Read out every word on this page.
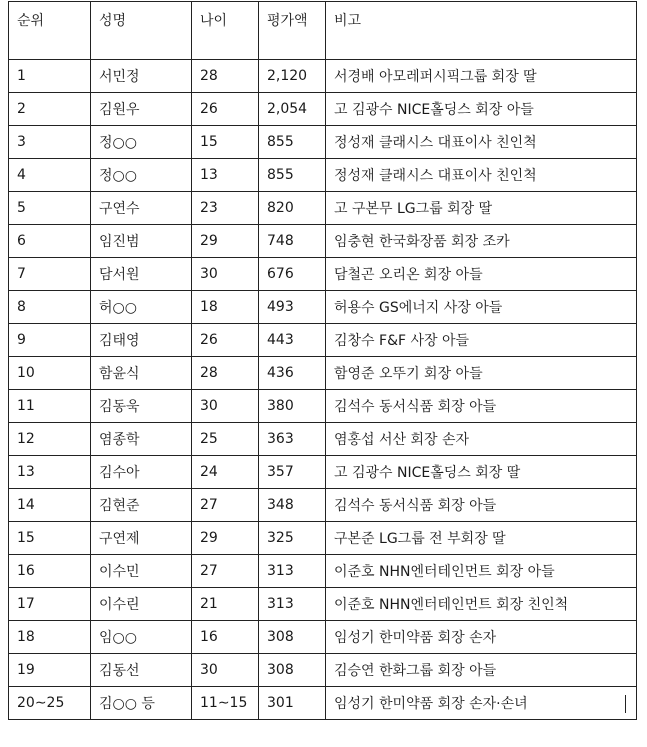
순위	성명	나이	평가액	비고
1	서민정	28	2,120	서경배 아모레퍼시픽그룹 회장 딸
2	김원우	26	2,054	고 김광수 NICE홀딩스 회장 아들
3	정○○	15	855	정성재 클래시스 대표이사 친인척
4	정○○	13	855	정성재 클래시스 대표이사 친인척
5	구연수	23	820	고 구본무 LG그룹 회장 딸
6	임진범	29	748	임충현 한국화장품 회장 조카
7	담서원	30	676	담철곤 오리온 회장 아들
8	허○○	18	493	허용수 GS에너지 사장 아들
9	김태영	26	443	김창수 F&F 사장 아들
10	함윤식	28	436	함영준 오뚜기 회장 아들
11	김동욱	30	380	김석수 동서식품 회장 아들
12	염종학	25	363	염홍섭 서산 회장 손자
13	김수아	24	357	고 김광수 NICE홀딩스 회장 딸
14	김현준	27	348	김석수 동서식품 회장 아들
15	구연제	29	325	구본준 LG그룹 전 부회장 딸
16	이수민	27	313	이준호 NHN엔터테인먼트 회장 아들
17	이수린	21	313	이준호 NHN엔터테인먼트 회장 친인척
18	임○○	16	308	임성기 한미약품 회장 손자
19	김동선	30	308	김승연 한화그룹 회장 아들
20∼25	김○○ 등	11∼15	301	임성기 한미약품 회장 손자·손녀
